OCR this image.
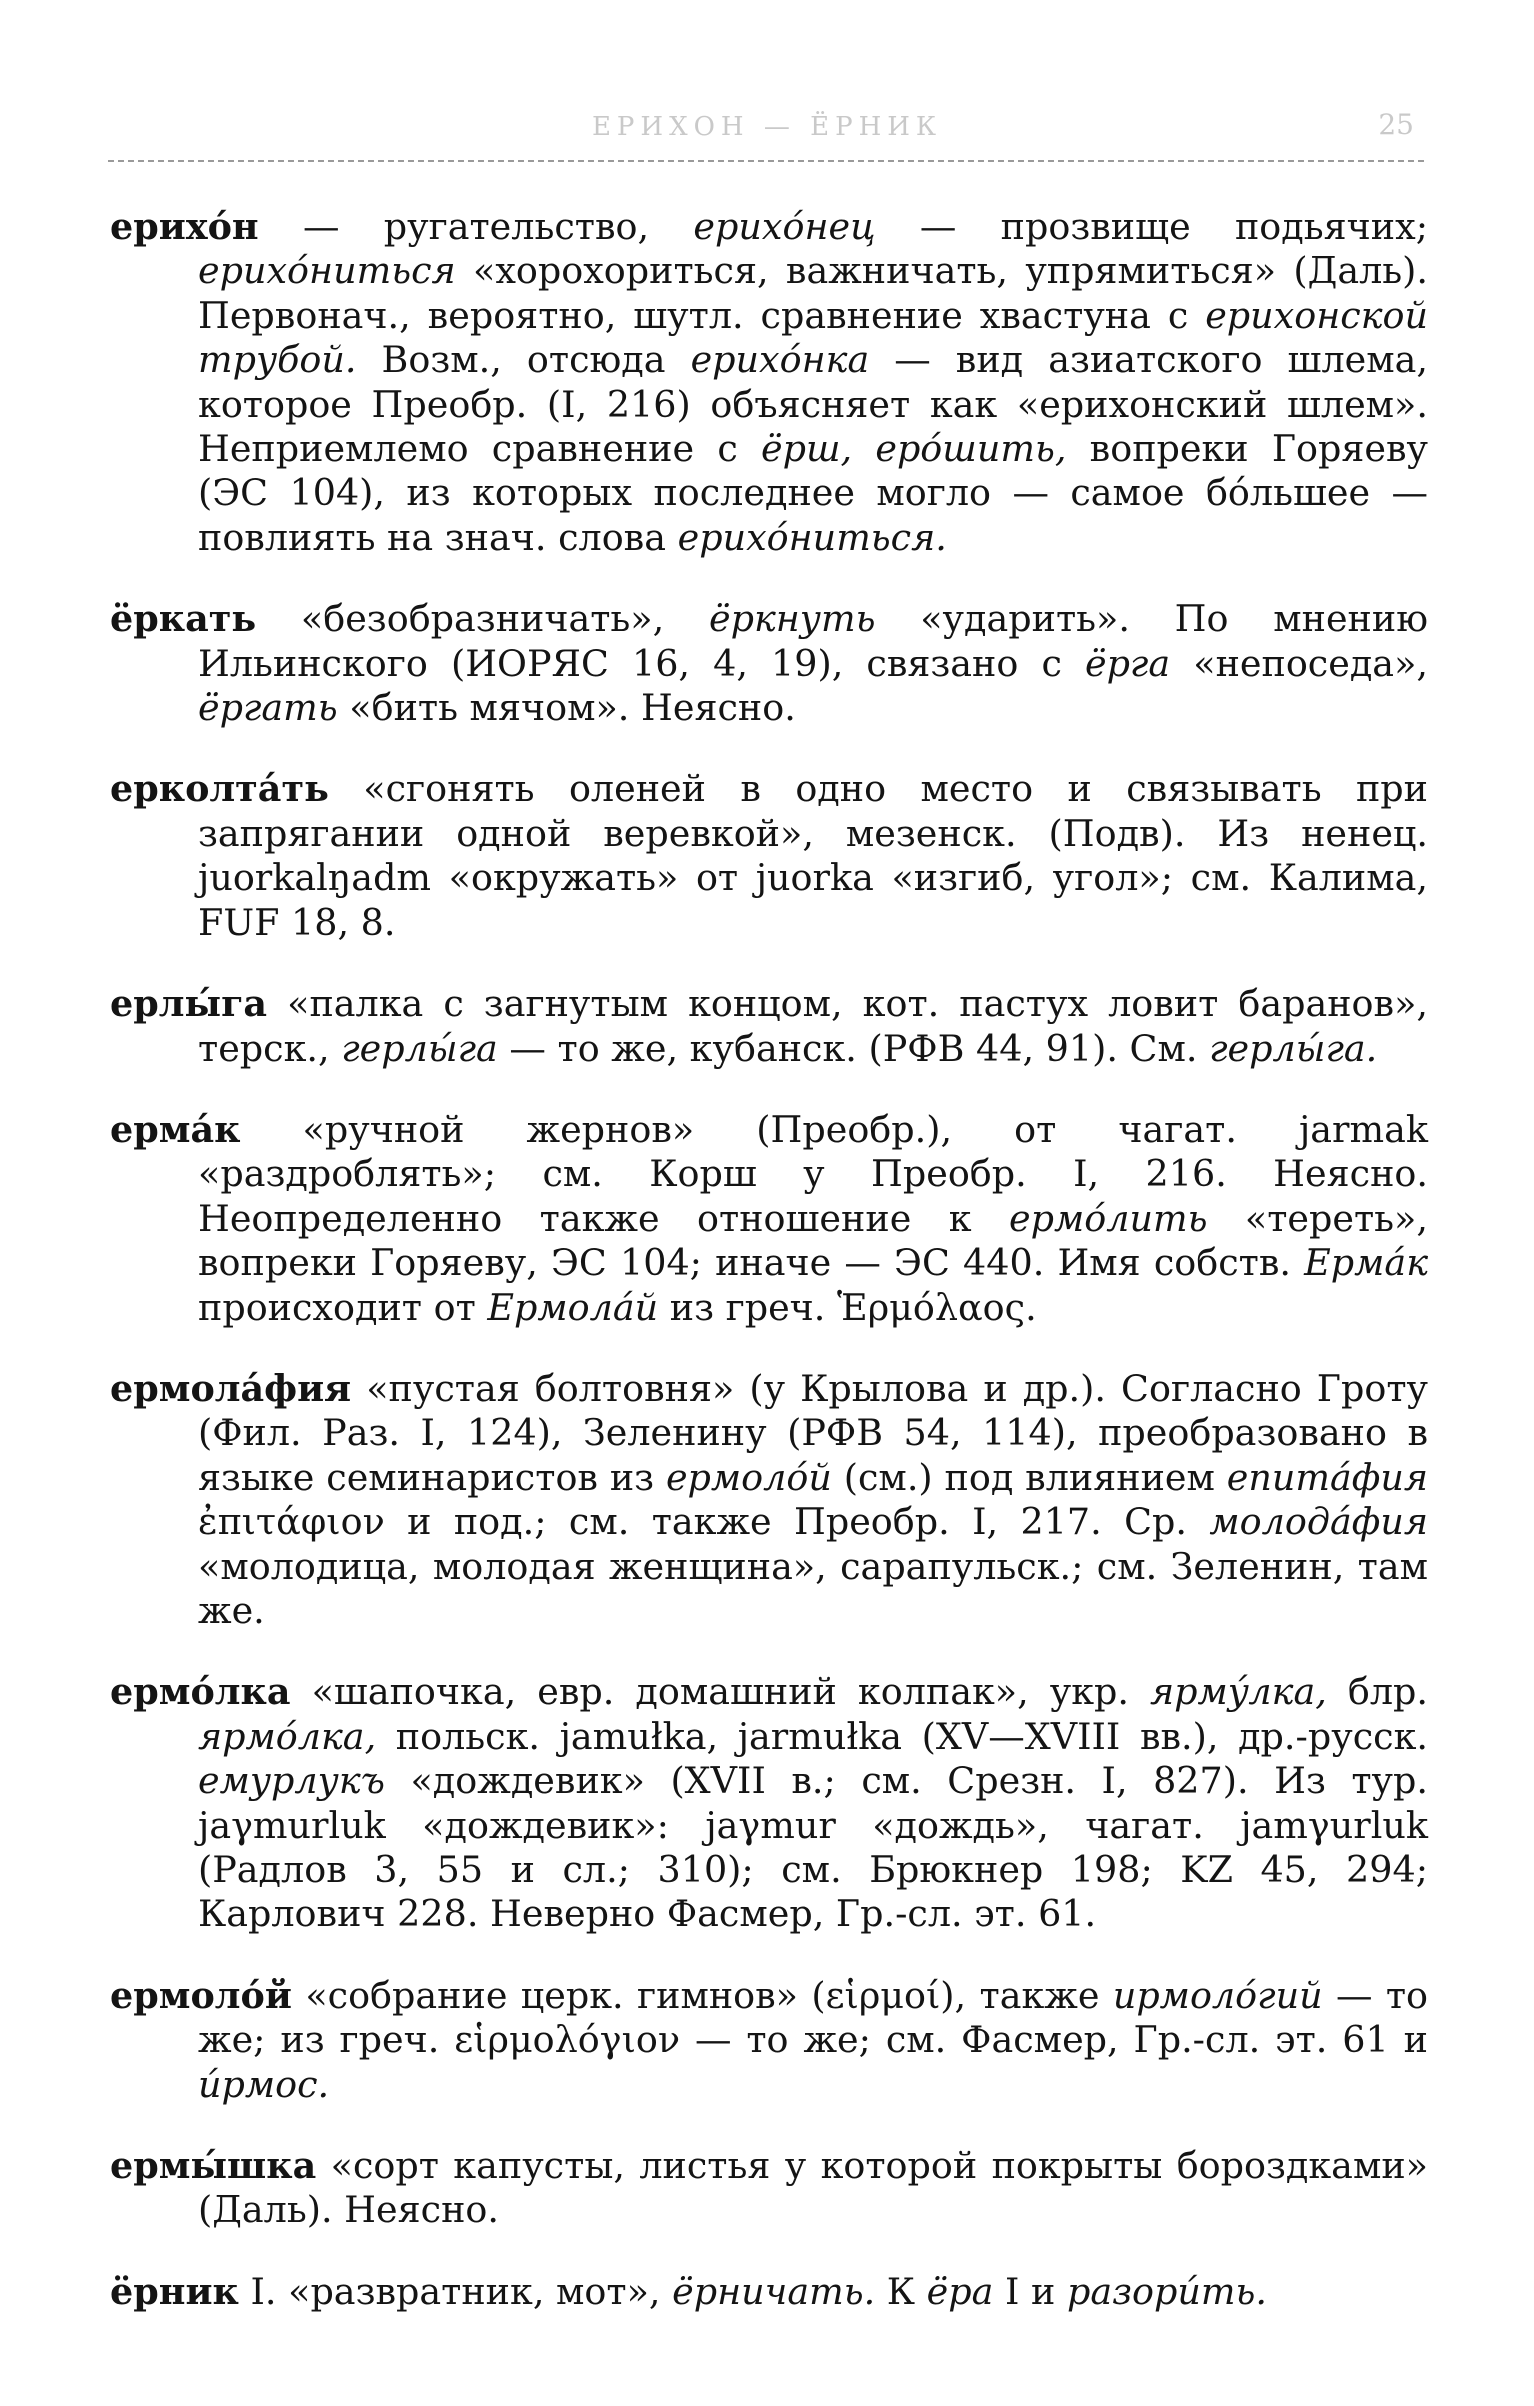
ЕРИХОН — ЁРНИК	25

ерихóн — ругательство, ерихóнец — прозвище подьячих; ерихóниться «хорохориться, важничать, упрямиться» (Даль). Первонач., вероятно, шутл. сравнение хвастуна с ерихонской трубой. Возм., отсюда ерихóнка — вид азиатского шлема, которое Преобр. (I, 216) объясняет как «ерихонский шлем». Неприемлемо сравнение с ёрш, ерóшить, вопреки Горяеву (ЭС 104), из которых последнее могло — самое бóльшее — повлиять на знач. слова ерихóниться.

ёркать «безобразничать», ёркнуть «ударить». По мнению Ильинского (ИОРЯС 16, 4, 19), связано с ёрга «непоседа», ёргать «бить мячом». Неясно.

ерколтáть «сгонять оленей в одно место и связывать при запрягании одной веревкой», мезенск. (Подв). Из ненец. juorkalŋadm «окружать» от juorka «изгиб, угол»; см. Калима, FUF 18, 8.

ерлы́га «палка с загнутым концом, кот. пастух ловит баранов», терск., герлы́га — то же, кубанск. (РФВ 44, 91). См. герлы́га.

ермáк «ручной жернов» (Преобр.), от чагат. jarmak «раздроблять»; см. Корш у Преобр. I, 216. Неясно. Неопределенно также отношение к ермóлить «тереть», вопреки Горяеву, ЭС 104; иначе — ЭС 440. Имя собств. Ермáк происходит от Ермолáй из греч. Ἑρμόλαος.

ермолáфия «пустая болтовня» (у Крылова и др.). Согласно Гроту (Фил. Раз. I, 124), Зеленину (РФВ 54, 114), преобразовано в языке семинаристов из ермолóй (см.) под влиянием епитáфия ἐπιτάφιον и под.; см. также Преобр. I, 217. Ср. молодáфия «молодица, молодая женщина», сарапульск.; см. Зеленин, там же.

ермóлка «шапочка, евр. домашний колпак», укр. ярмýлка, блр. ярмóлка, польск. jamułka, jarmułka (XV—XVIII вв.), др.-русск. емурлукъ «дождевик» (XVII в.; см. Срезн. I, 827). Из тур. jaγmurluk «дождевик»: jaγmur «дождь», чагат. jamγurluk (Радлов 3, 55 и сл.; 310); см. Брюкнер 198; KZ 45, 294; Карлович 228. Неверно Фасмер, Гр.-сл. эт. 61.

ермолóй «собрание церк. гимнов» (εἱρμοί), также ирмолóгий — то же; из греч. εἱρμολόγιον — то же; см. Фасмер, Гр.-сл. эт. 61 и и́рмос.

ермы́шка «сорт капусты, листья у которой покрыты бороздками» (Даль). Неясно.

ёрник I. «развратник, мот», ёрничать. К ёра I и разори́ть.
